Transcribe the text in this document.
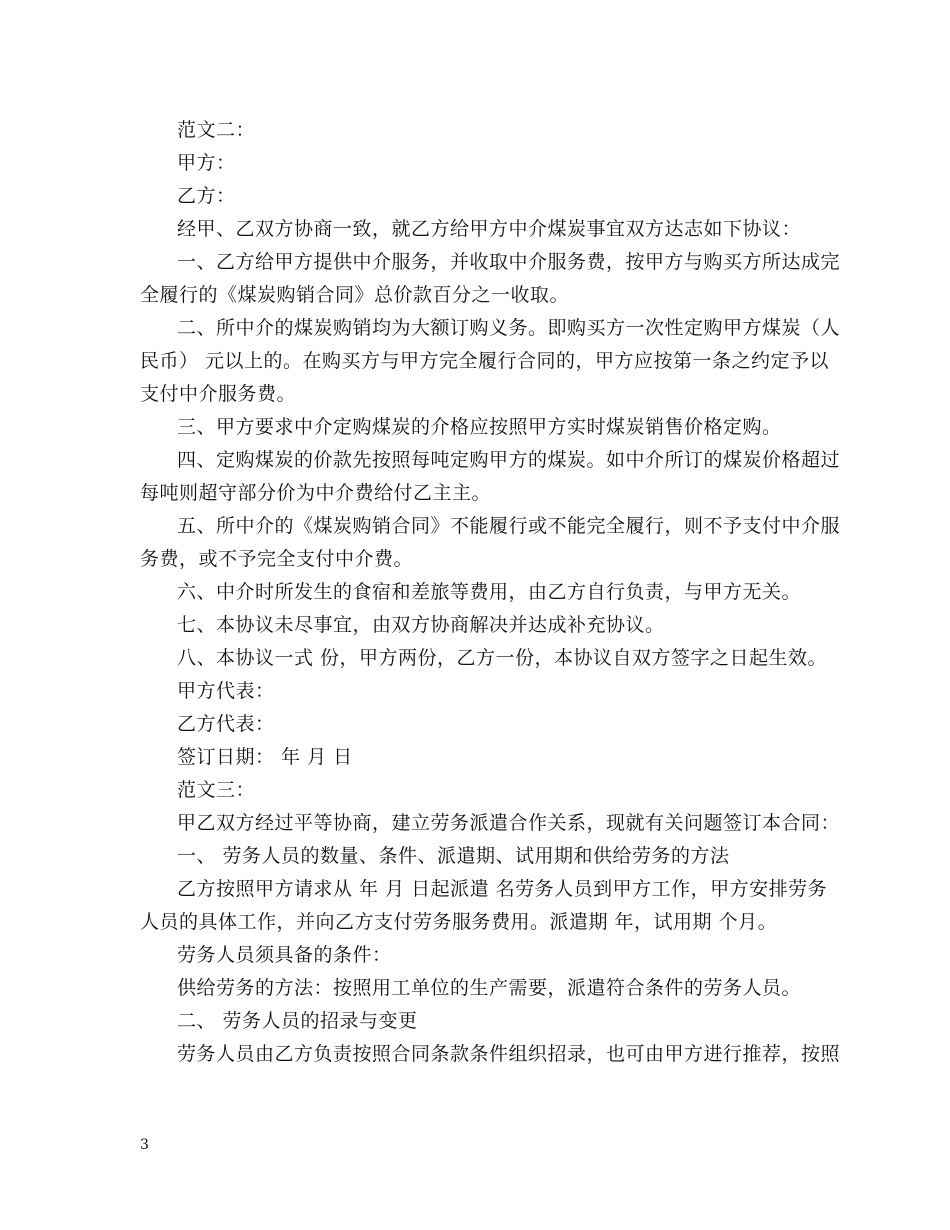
范文二：
甲方：
乙方：
经甲、乙双方协商一致，就乙方给甲方中介煤炭事宜双方达志如下协议：
一、乙方给甲方提供中介服务，并收取中介服务费，按甲方与购买方所达成完
全履行的《煤炭购销合同》总价款百分之一收取。
二、所中介的煤炭购销均为大额订购义务。即购买方一次性定购甲方煤炭（人
民币） 元以上的。在购买方与甲方完全履行合同的，甲方应按第一条之约定予以
支付中介服务费。
三、甲方要求中介定购煤炭的介格应按照甲方实时煤炭销售价格定购。
四、定购煤炭的价款先按照每吨定购甲方的煤炭。如中介所订的煤炭价格超过
每吨则超守部分价为中介费给付乙主主。
五、所中介的《煤炭购销合同》不能履行或不能完全履行，则不予支付中介服
务费，或不予完全支付中介费。
六、中介时所发生的食宿和差旅等费用，由乙方自行负责，与甲方无关。
七、本协议未尽事宜，由双方协商解决并达成补充协议。
八、本协议一式 份，甲方两份，乙方一份，本协议自双方签字之日起生效。
甲方代表：
乙方代表：
签订日期： 年 月 日
范文三：
甲乙双方经过平等协商，建立劳务派遣合作关系，现就有关问题签订本合同：
一、 劳务人员的数量、条件、派遣期、试用期和供给劳务的方法
乙方按照甲方请求从 年 月 日起派遣 名劳务人员到甲方工作，甲方安排劳务
人员的具体工作，并向乙方支付劳务服务费用。派遣期 年，试用期 个月。
劳务人员须具备的条件：
供给劳务的方法：按照用工单位的生产需要，派遣符合条件的劳务人员。
二、 劳务人员的招录与变更
劳务人员由乙方负责按照合同条款条件组织招录，也可由甲方进行推荐，按照
3
